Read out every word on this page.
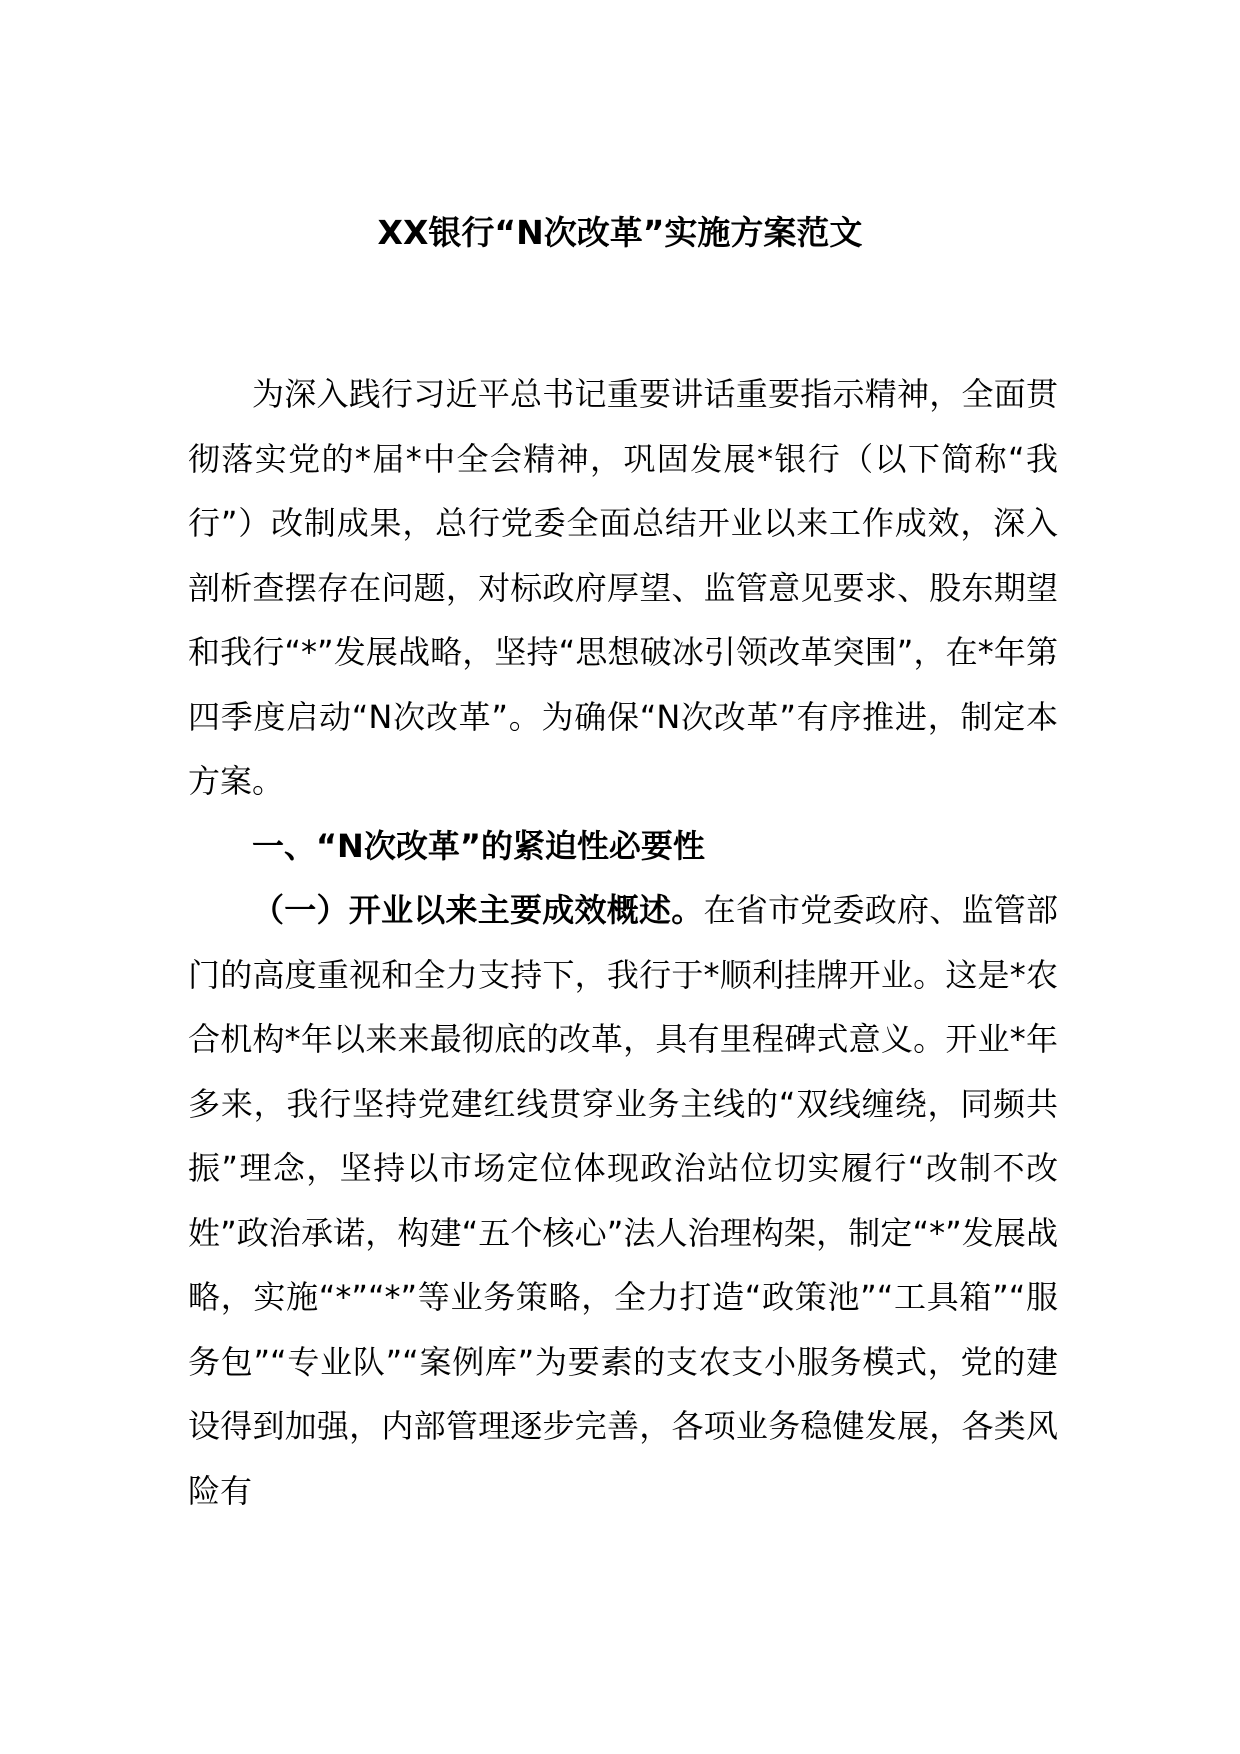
XX银行“N次改革”实施方案范文

为深入践行习近平总书记重要讲话重要指示精神，全面贯彻落实党的*届*中全会精神，巩固发展*银行（以下简称“我行”）改制成果，总行党委全面总结开业以来工作成效，深入剖析查摆存在问题，对标政府厚望、监管意见要求、股东期望和我行“*”发展战略，坚持“思想破冰引领改革突围”，在*年第四季度启动“N次改革”。为确保“N次改革”有序推进，制定本方案。

一、“N次改革”的紧迫性必要性

（一）开业以来主要成效概述。在省市党委政府、监管部门的高度重视和全力支持下，我行于*顺利挂牌开业。这是*农合机构*年以来来最彻底的改革，具有里程碑式意义。开业*年多来，我行坚持党建红线贯穿业务主线的“双线缠绕，同频共振”理念，坚持以市场定位体现政治站位切实履行“改制不改姓”政治承诺，构建“五个核心”法人治理构架，制定“*”发展战略，实施“*”“*”等业务策略，全力打造“政策池”“工具箱”“服务包”“专业队”“案例库”为要素的支农支小服务模式，党的建设得到加强，内部管理逐步完善，各项业务稳健发展，各类风险有
